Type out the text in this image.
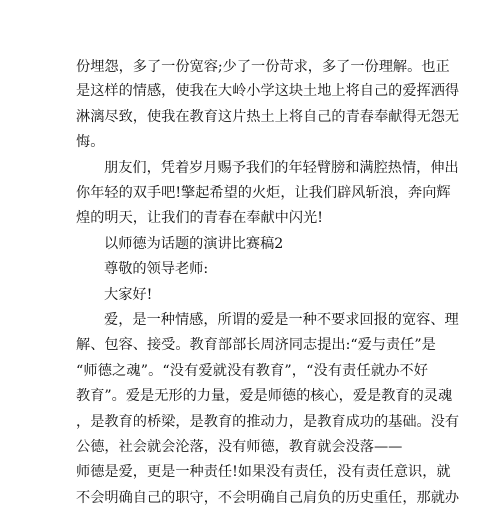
份埋怨，多了一份宽容;少了一份苛求，多了一份理解。也正
是这样的情感，使我在大岭小学这块土地上将自己的爱挥洒得
淋漓尽致，使我在教育这片热土上将自己的青春奉献得无怨无
悔。
朋友们，凭着岁月赐予我们的年轻臂膀和满腔热情，伸出
你年轻的双手吧!擎起希望的火炬，让我们辟风斩浪，奔向辉
煌的明天，让我们的青春在奉献中闪光!
以师德为话题的演讲比赛稿2
尊敬的领导老师:
大家好!
爱，是一种情感，所谓的爱是一种不要求回报的宽容、理
解、包容、接受。教育部部长周济同志提出:“爱与责任”是
“师德之魂”。“没有爱就没有教育”，“没有责任就办不好
教育”。爱是无形的力量，爱是师德的核心，爱是教育的灵魂
，是教育的桥梁，是教育的推动力，是教育成功的基础。没有
公德，社会就会沦落，没有师德，教育就会没落——
师德是爱，更是一种责任!如果没有责任，没有责任意识，就
不会明确自己的职守，不会明确自己肩负的历史重任，那就办
